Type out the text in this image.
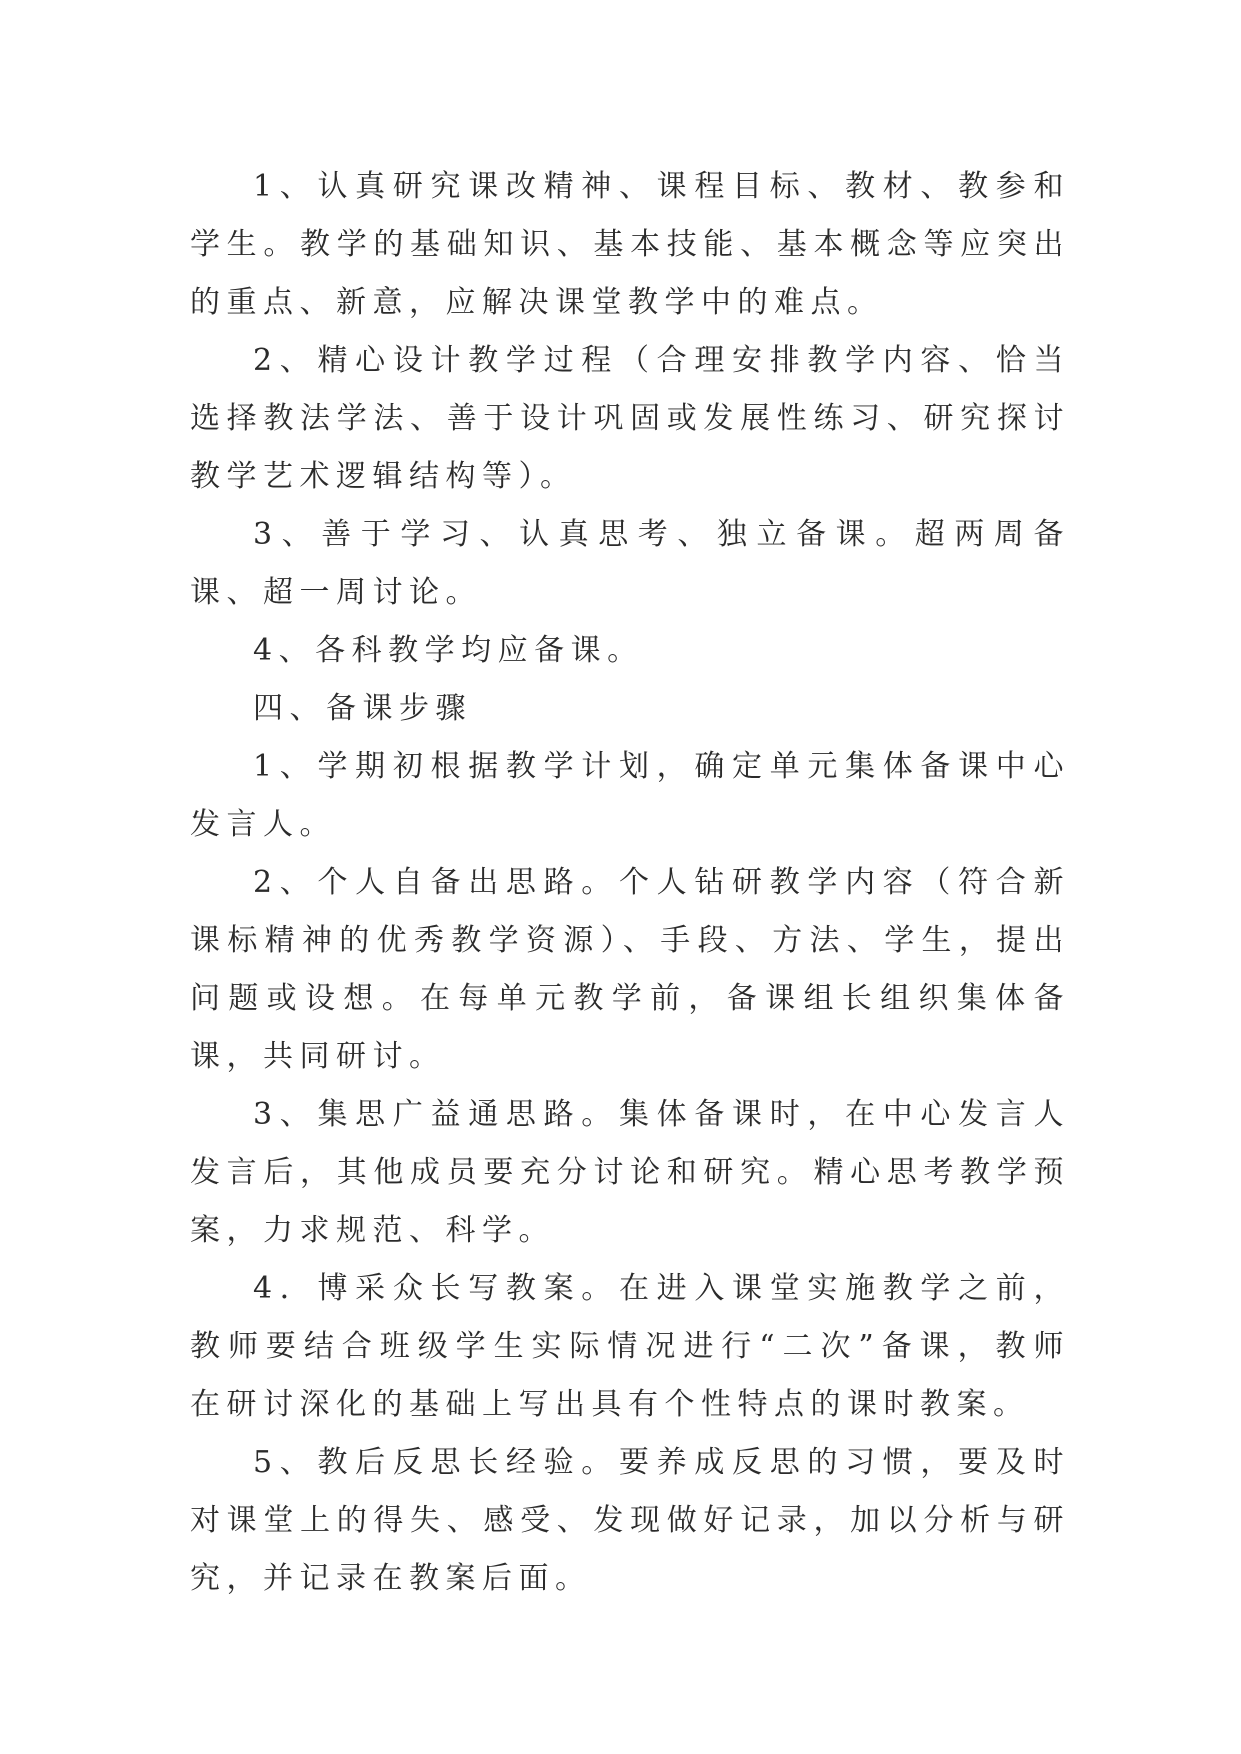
1、认真研究课改精神、课程目标、教材、教参和学生。教学的基础知识、基本技能、基本概念等应突出的重点、新意，应解决课堂教学中的难点。

2、精心设计教学过程（合理安排教学内容、恰当选择教法学法、善于设计巩固或发展性练习、研究探讨教学艺术逻辑结构等）。

3、善于学习、认真思考、独立备课。超两周备课、超一周讨论。

4、各科教学均应备课。

四、备课步骤

1、学期初根据教学计划，确定单元集体备课中心发言人。

2、个人自备出思路。个人钻研教学内容（符合新课标精神的优秀教学资源）、手段、方法、学生，提出问题或设想。在每单元教学前，备课组长组织集体备课，共同研讨。

3、集思广益通思路。集体备课时，在中心发言人发言后，其他成员要充分讨论和研究。精心思考教学预案，力求规范、科学。

4．博采众长写教案。在进入课堂实施教学之前，教师要结合班级学生实际情况进行“二次”备课，教师在研讨深化的基础上写出具有个性特点的课时教案。

5、教后反思长经验。要养成反思的习惯，要及时对课堂上的得失、感受、发现做好记录，加以分析与研究，并记录在教案后面。
